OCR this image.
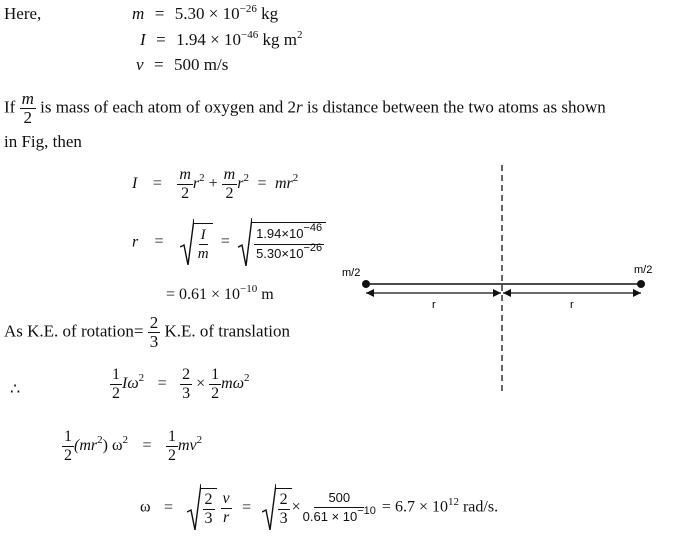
Here,	$m = 5.30 \times 10^{-26}$ kg
$I = 1.94 \times 10^{-46}$ kg $m^2$
v = 500 m/s
If $\frac{m}{2}$ is mass of each atom of oxygen and 2r is distance between the two atoms as shown
in Fig, then
$I = \frac{m}{2} r^2 + \frac{m}{2} r^2 = mr^2$
$r = \frac{I}{m} = \frac{1.94\times 10^{-46}}{5.30\times 10^{-26}}$
= $0.61 \times 10^{-10}$ m
As K.E. of rotation= $\frac{2}{3} K.E$. of translation
∴	$\frac{1}{2} I\omega^2 = \frac{2}{3} \times \frac{1}{2} m\omega^2$
$\frac{1}{2} (mr^2) \omega^2 = \frac{1}{2} mv^2$
$\omega = \frac{2}{3}$
$\frac{v}{r} = \frac{2}{3} \times \frac{500}{0.61 \times 10^{-10}} = 6.7 \times 10^{12}$ rad/s.
m/2	m/2
r	r
